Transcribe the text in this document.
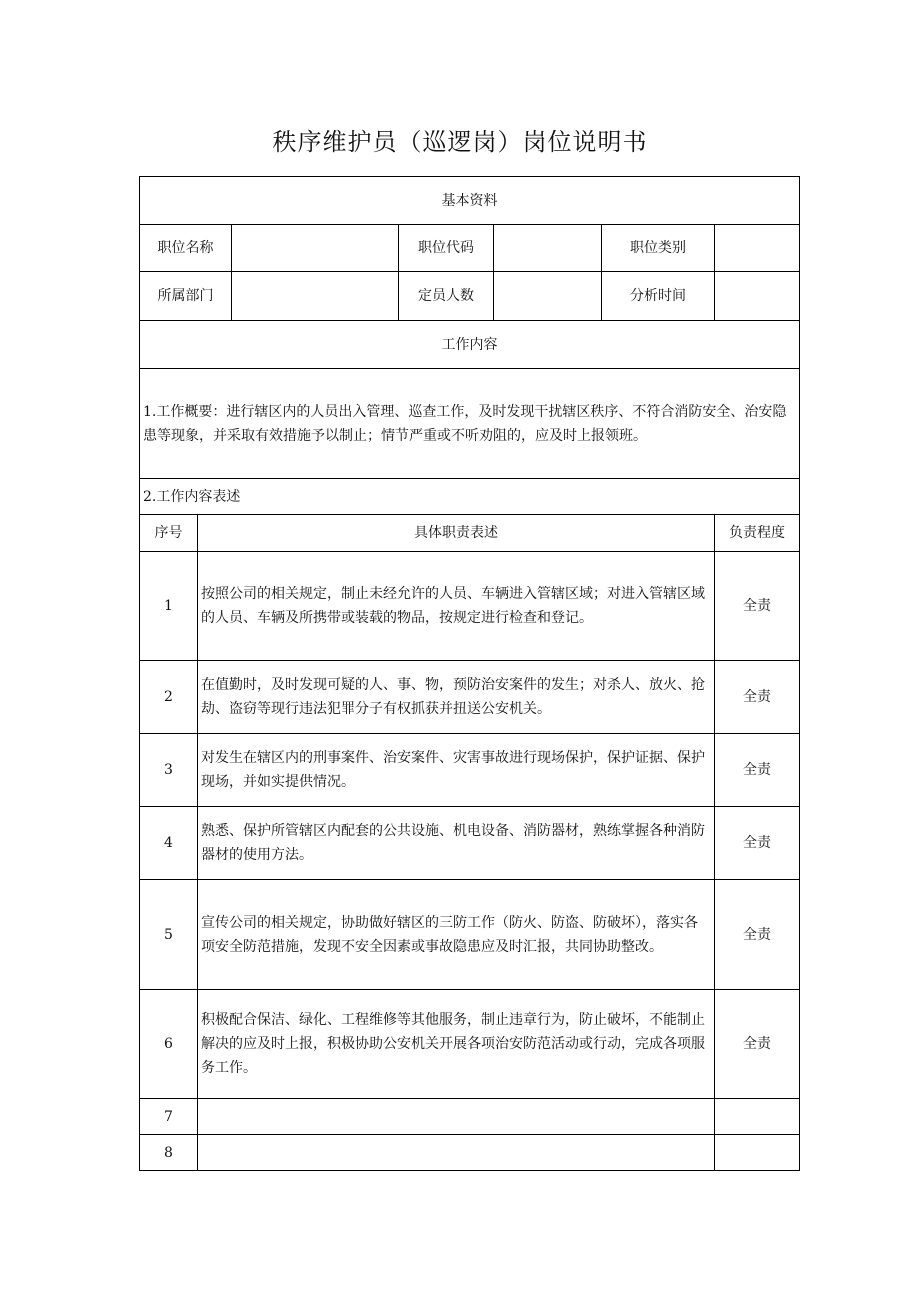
秩序维护员（巡逻岗）岗位说明书
基本资料						
职位名称			职位代码		职位类别	
所属部门			定员人数		分析时间	
工作内容						
1.工作概要：进行辖区内的人员出入管理、巡查工作，及时发现干扰辖区秩序、不符合消防安全、治安隐患等现象，并采取有效措施予以制止；情节严重或不听劝阻的，应及时上报领班。						
2.工作内容表述						
序号	具体职责表述					负责程度
1	按照公司的相关规定，制止未经允许的人员、车辆进入管辖区域；对进入管辖区域的人员、车辆及所携带或装载的物品，按规定进行检查和登记。					全责
2	在值勤时，及时发现可疑的人、事、物，预防治安案件的发生；对杀人、放火、抢劫、盗窃等现行违法犯罪分子有权抓获并扭送公安机关。					全责
3	对发生在辖区内的刑事案件、治安案件、灾害事故进行现场保护，保护证据、保护现场，并如实提供情况。					全责
4	熟悉、保护所管辖区内配套的公共设施、机电设备、消防器材，熟练掌握各种消防器材的使用方法。					全责
5	宣传公司的相关规定，协助做好辖区的三防工作（防火、防盗、防破坏），落实各项安全防范措施，发现不安全因素或事故隐患应及时汇报，共同协助整改。					全责
6	积极配合保洁、绿化、工程维修等其他服务，制止违章行为，防止破坏，不能制止解决的应及时上报，积极协助公安机关开展各项治安防范活动或行动，完成各项服务工作。					全责
7						
8						
